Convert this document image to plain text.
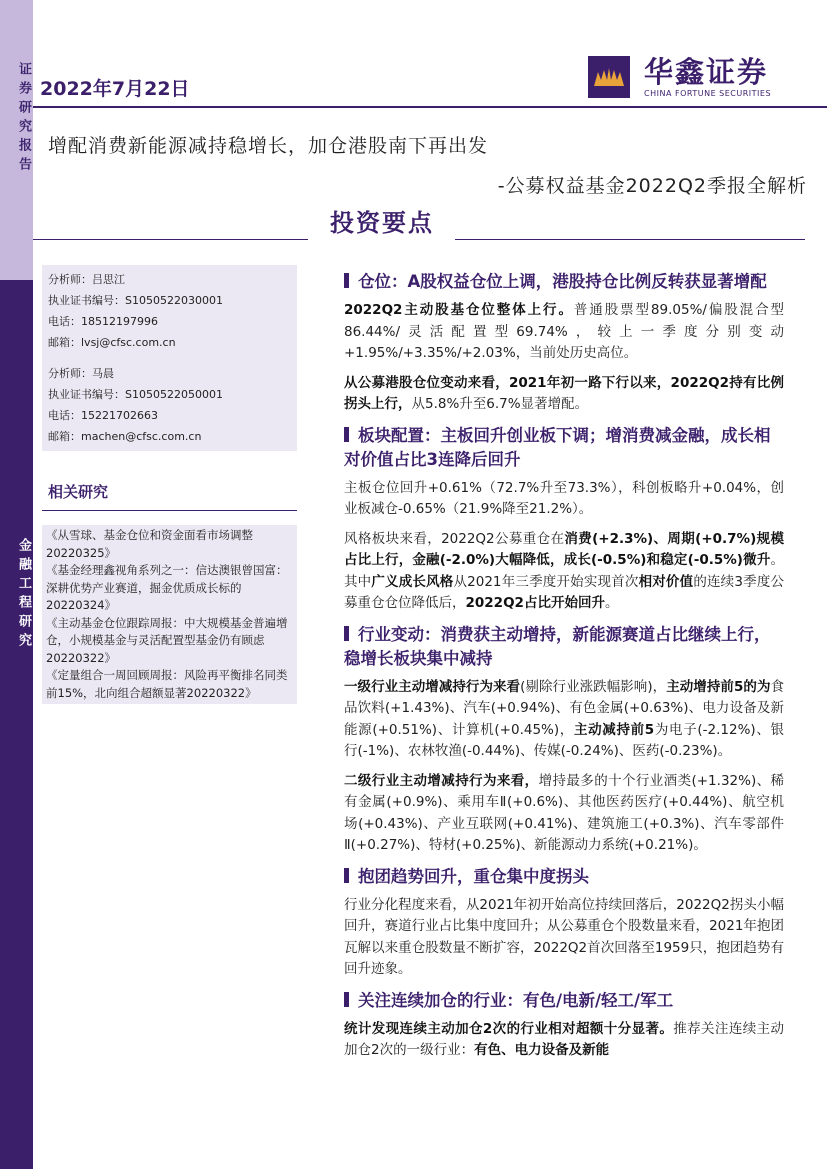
证券研究报告
金融工程研究
2022年7月22日
华鑫证券
CHINA FORTUNE SECURITIES
增配消费新能源减持稳增长，加仓港股南下再出发
-公募权益基金2022Q2季报全解析
投资要点
分析师：吕思江
执业证书编号：S1050522030001
电话：18512197996
邮箱：lvsj@cfsc.com.cn
分析师：马晨
执业证书编号：S1050522050001
电话：15221702663
邮箱：machen@cfsc.com.cn
相关研究
《从雪球、基金仓位和资金面看市场调整20220325》
《基金经理鑫视角系列之一：信达澳银曾国富：深耕优势产业赛道，掘金优质成长标的20220324》
《主动基金仓位跟踪周报：中大规模基金普遍增仓，小规模基金与灵活配置型基金仍有顾虑20220322》
《定量组合一周回顾周报：风险再平衡排名同类前15%，北向组合超额显著20220322》
仓位：A股权益仓位上调，港股持仓比例反转获显著增配
2022Q2主动股基仓位整体上行。普通股票型89.05%/偏股混合型86.44%/灵活配置型69.74%，较上一季度分别变动+1.95%/+3.35%/+2.03%，当前处历史高位。
从公募港股仓位变动来看，2021年初一路下行以来，2022Q2持有比例拐头上行，从5.8%升至6.7%显著增配。
板块配置：主板回升创业板下调；增消费减金融，成长相对价值占比3连降后回升
主板仓位回升+0.61%（72.7%升至73.3%），科创板略升+0.04%，创业板减仓-0.65%（21.9%降至21.2%）。
风格板块来看，2022Q2公募重仓在消费(+2.3%)、周期(+0.7%)规模占比上行，金融(-2.0%)大幅降低，成长(-0.5%)和稳定(-0.5%)微升。其中广义成长风格从2021年三季度开始实现首次相对价值的连续3季度公募重仓仓位降低后，2022Q2占比开始回升。
行业变动：消费获主动增持，新能源赛道占比继续上行，稳增长板块集中减持
一级行业主动增减持行为来看(剔除行业涨跌幅影响)，主动增持前5的为食品饮料(+1.43%)、汽车(+0.94%)、有色金属(+0.63%)、电力设备及新能源(+0.51%)、计算机(+0.45%)，主动减持前5为电子(-2.12%)、银行(-1%)、农林牧渔(-0.44%)、传媒(-0.24%)、医药(-0.23%)。
二级行业主动增减持行为来看，增持最多的十个行业酒类(+1.32%)、稀有金属(+0.9%)、乘用车Ⅱ(+0.6%)、其他医药医疗(+0.44%)、航空机场(+0.43%)、产业互联网(+0.41%)、建筑施工(+0.3%)、汽车零部件Ⅱ(+0.27%)、特材(+0.25%)、新能源动力系统(+0.21%)。
抱团趋势回升，重仓集中度拐头
行业分化程度来看，从2021年初开始高位持续回落后，2022Q2拐头小幅回升，赛道行业占比集中度回升；从公募重仓个股数量来看，2021年抱团瓦解以来重仓股数量不断扩容，2022Q2首次回落至1959只，抱团趋势有回升迹象。
关注连续加仓的行业：有色/电新/轻工/军工
统计发现连续主动加仓2次的行业相对超额十分显著。推荐关注连续主动加仓2次的一级行业：有色、电力设备及新能
